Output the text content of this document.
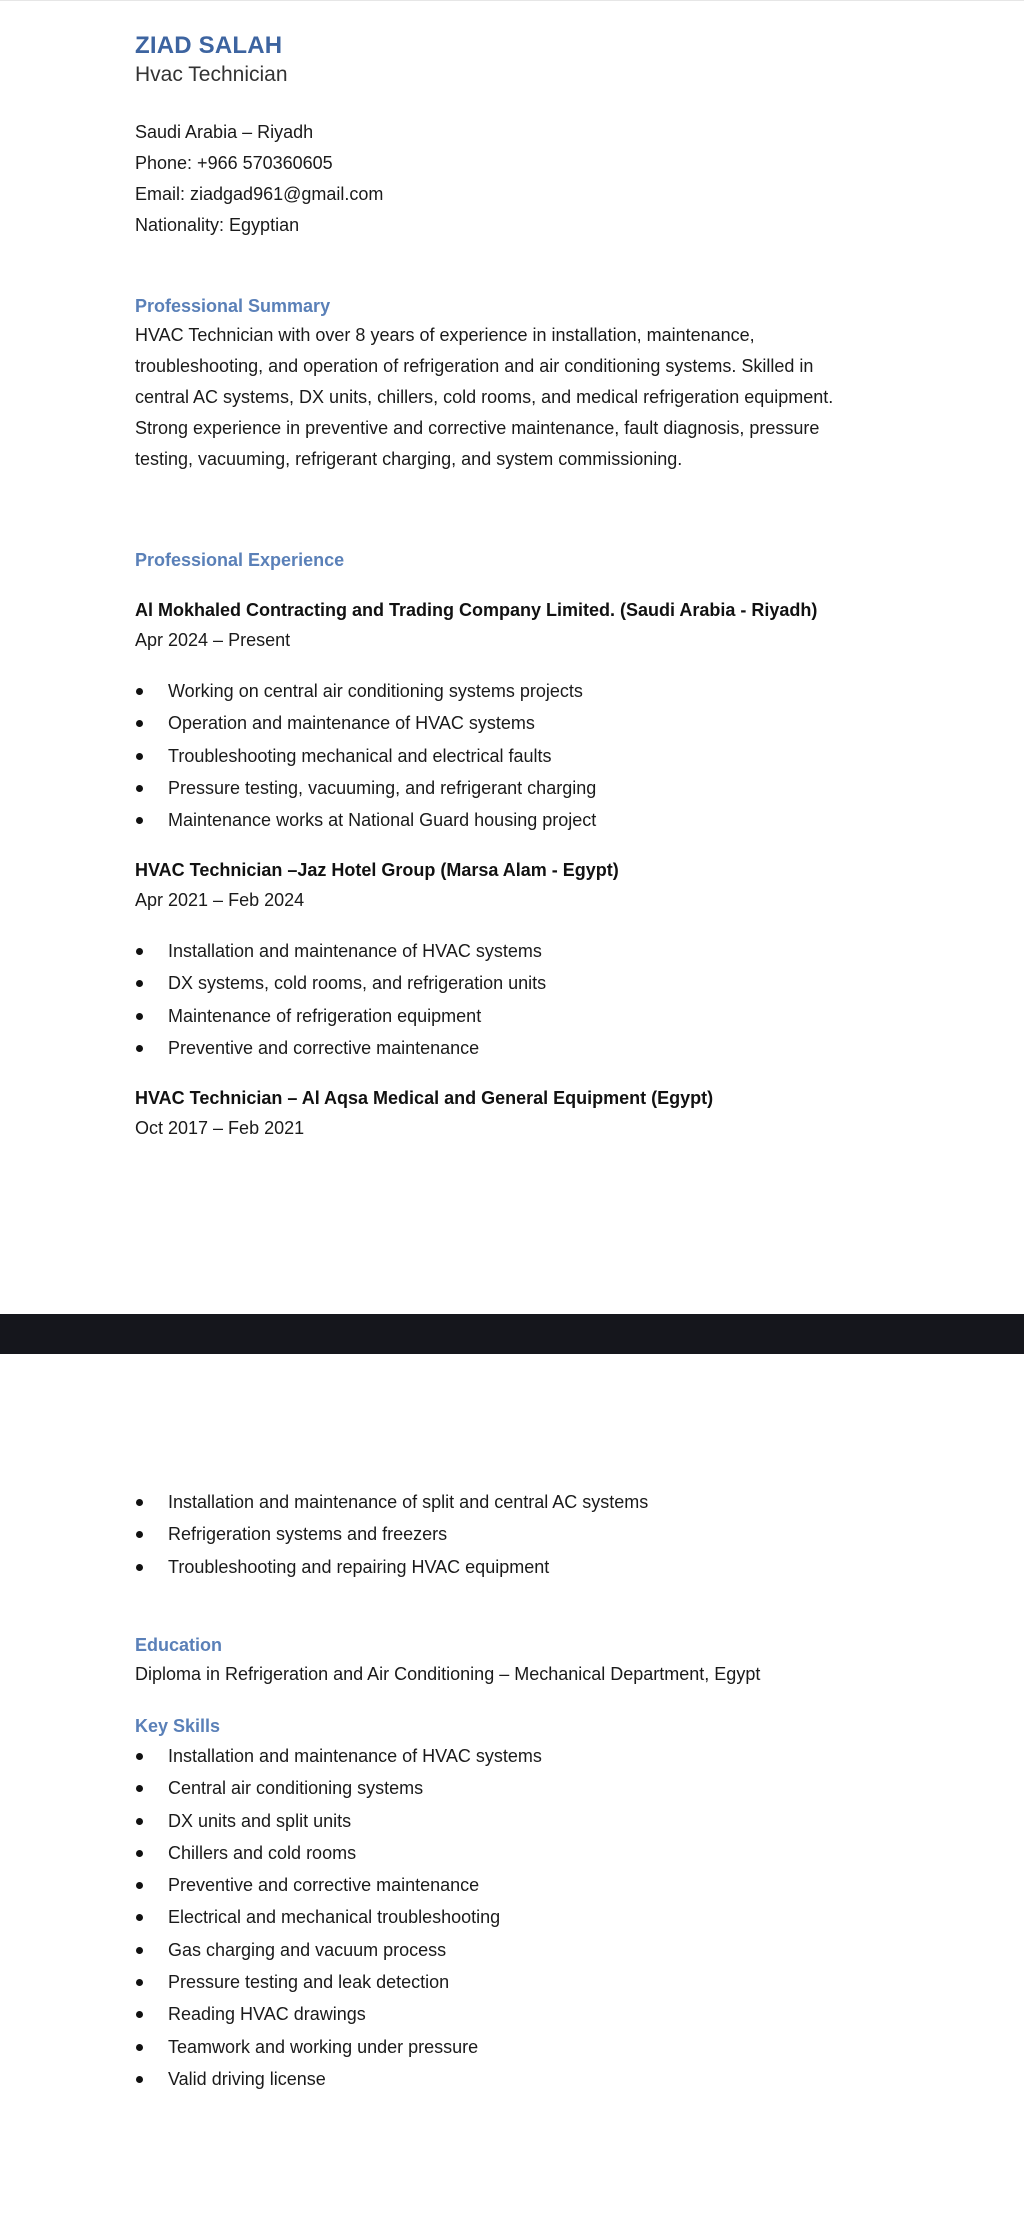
ZIAD SALAH
Hvac Technician

Saudi Arabia – Riyadh

Phone: +966 570360605

Email: ziadgad961@gmail.com

Nationality: Egyptian

Professional Summary

HVAC Technician with over 8 years of experience in installation, maintenance,

troubleshooting, and operation of refrigeration and air conditioning systems. Skilled in

central AC systems, DX units, chillers, cold rooms, and medical refrigeration equipment.

Strong experience in preventive and corrective maintenance, fault diagnosis, pressure

testing, vacuuming, refrigerant charging, and system commissioning.

Professional Experience

Al Mokhaled Contracting and Trading Company Limited. (Saudi Arabia - Riyadh)

Apr 2024 – Present

Working on central air conditioning systems projects
Operation and maintenance of HVAC systems
Troubleshooting mechanical and electrical faults
Pressure testing, vacuuming, and refrigerant charging
Maintenance works at National Guard housing project

HVAC Technician –Jaz Hotel Group (Marsa Alam - Egypt)

Apr 2021 – Feb 2024

Installation and maintenance of HVAC systems
DX systems, cold rooms, and refrigeration units
Maintenance of refrigeration equipment
Preventive and corrective maintenance

HVAC Technician – Al Aqsa Medical and General Equipment (Egypt)

Oct 2017 – Feb 2021

Installation and maintenance of split and central AC systems
Refrigeration systems and freezers
Troubleshooting and repairing HVAC equipment
Education

Diploma in Refrigeration and Air Conditioning – Mechanical Department, Egypt

Key Skills
Installation and maintenance of HVAC systems
Central air conditioning systems
DX units and split units
Chillers and cold rooms
Preventive and corrective maintenance
Electrical and mechanical troubleshooting
Gas charging and vacuum process
Pressure testing and leak detection
Reading HVAC drawings
Teamwork and working under pressure
Valid driving license
